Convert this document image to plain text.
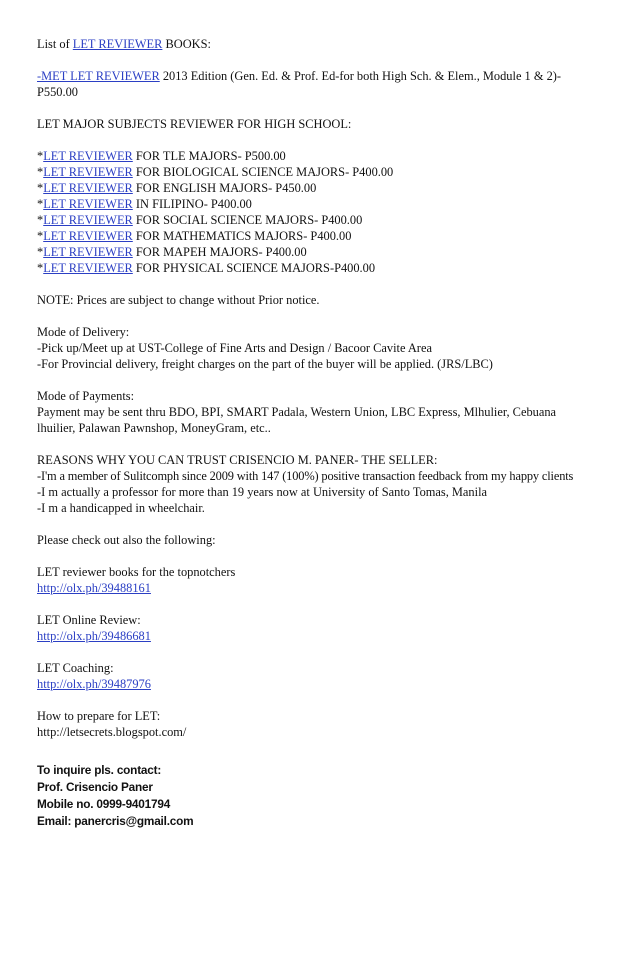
List of LET REVIEWER BOOKS:
-MET LET REVIEWER 2013 Edition (Gen. Ed. & Prof. Ed-for both High Sch. & Elem., Module 1 & 2)-
P550.00
LET MAJOR SUBJECTS REVIEWER FOR HIGH SCHOOL:
*LET REVIEWER FOR TLE MAJORS- P500.00
*LET REVIEWER FOR BIOLOGICAL SCIENCE MAJORS- P400.00
*LET REVIEWER FOR ENGLISH MAJORS- P450.00
*LET REVIEWER IN FILIPINO- P400.00
*LET REVIEWER FOR SOCIAL SCIENCE MAJORS- P400.00
*LET REVIEWER FOR MATHEMATICS MAJORS- P400.00
*LET REVIEWER FOR MAPEH MAJORS- P400.00
*LET REVIEWER FOR PHYSICAL SCIENCE MAJORS-P400.00
NOTE: Prices are subject to change without Prior notice.
Mode of Delivery:
-Pick up/Meet up at UST-College of Fine Arts and Design / Bacoor Cavite Area
-For Provincial delivery, freight charges on the part of the buyer will be applied. (JRS/LBC)
Mode of Payments:
Payment may be sent thru BDO, BPI, SMART Padala, Western Union, LBC Express, Mlhulier, Cebuana
lhuilier, Palawan Pawnshop, MoneyGram, etc..
REASONS WHY YOU CAN TRUST CRISENCIO M. PANER- THE SELLER:
-I'm a member of Sulitcomph since 2009 with 147 (100%) positive transaction feedback from my happy clients
-I m actually a professor for more than 19 years now at University of Santo Tomas, Manila
-I m a handicapped in wheelchair.
Please check out also the following:
LET reviewer books for the topnotchers
http://olx.ph/39488161
LET Online Review:
http://olx.ph/39486681
LET Coaching:
http://olx.ph/39487976
How to prepare for LET:
http://letsecrets.blogspot.com/
To inquire pls. contact:
Prof. Crisencio Paner
Mobile no. 0999-9401794
Email: panercris@gmail.com
